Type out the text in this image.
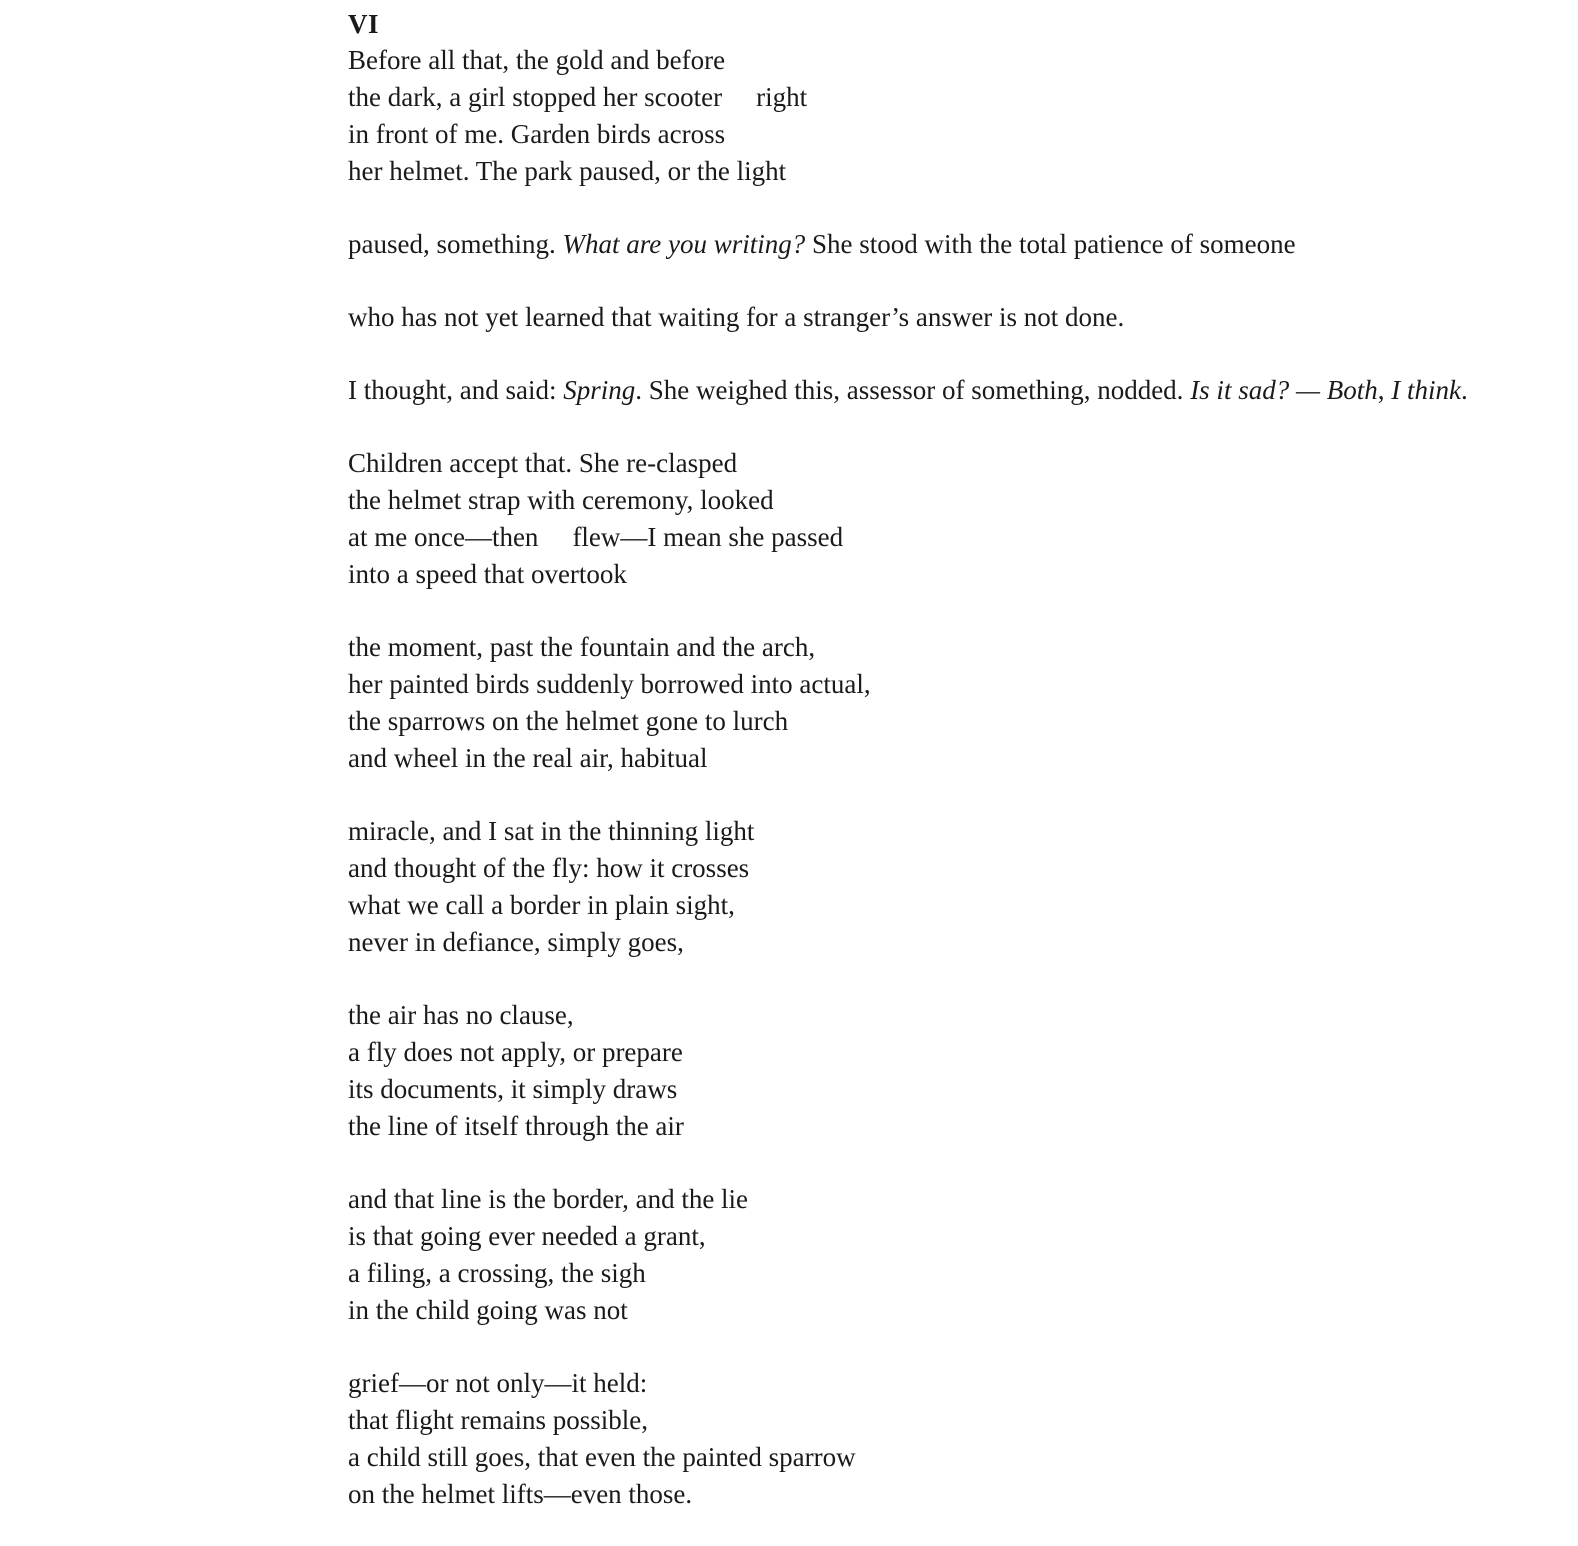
VI
Before all that, the gold and before
the dark, a girl stopped her scooter right
in front of me. Garden birds across
her helmet. The park paused, or the light
paused, something. What are you writing? She stood with the total patience of someone
who has not yet learned that waiting for a stranger’s answer is not done.
I thought, and said: Spring. She weighed this, assessor of something, nodded. Is it sad? — Both, I think.
Children accept that. She re-clasped
the helmet strap with ceremony, looked
at me once—then flew—I mean she passed
into a speed that overtook
the moment, past the fountain and the arch,
her painted birds suddenly borrowed into actual,
the sparrows on the helmet gone to lurch
and wheel in the real air, habitual
miracle, and I sat in the thinning light
and thought of the fly: how it crosses
what we call a border in plain sight,
never in defiance, simply goes,
the air has no clause,
a fly does not apply, or prepare
its documents, it simply draws
the line of itself through the air
and that line is the border, and the lie
is that going ever needed a grant,
a filing, a crossing, the sigh
in the child going was not
grief—or not only—it held:
that flight remains possible,
a child still goes, that even the painted sparrow
on the helmet lifts—even those.
